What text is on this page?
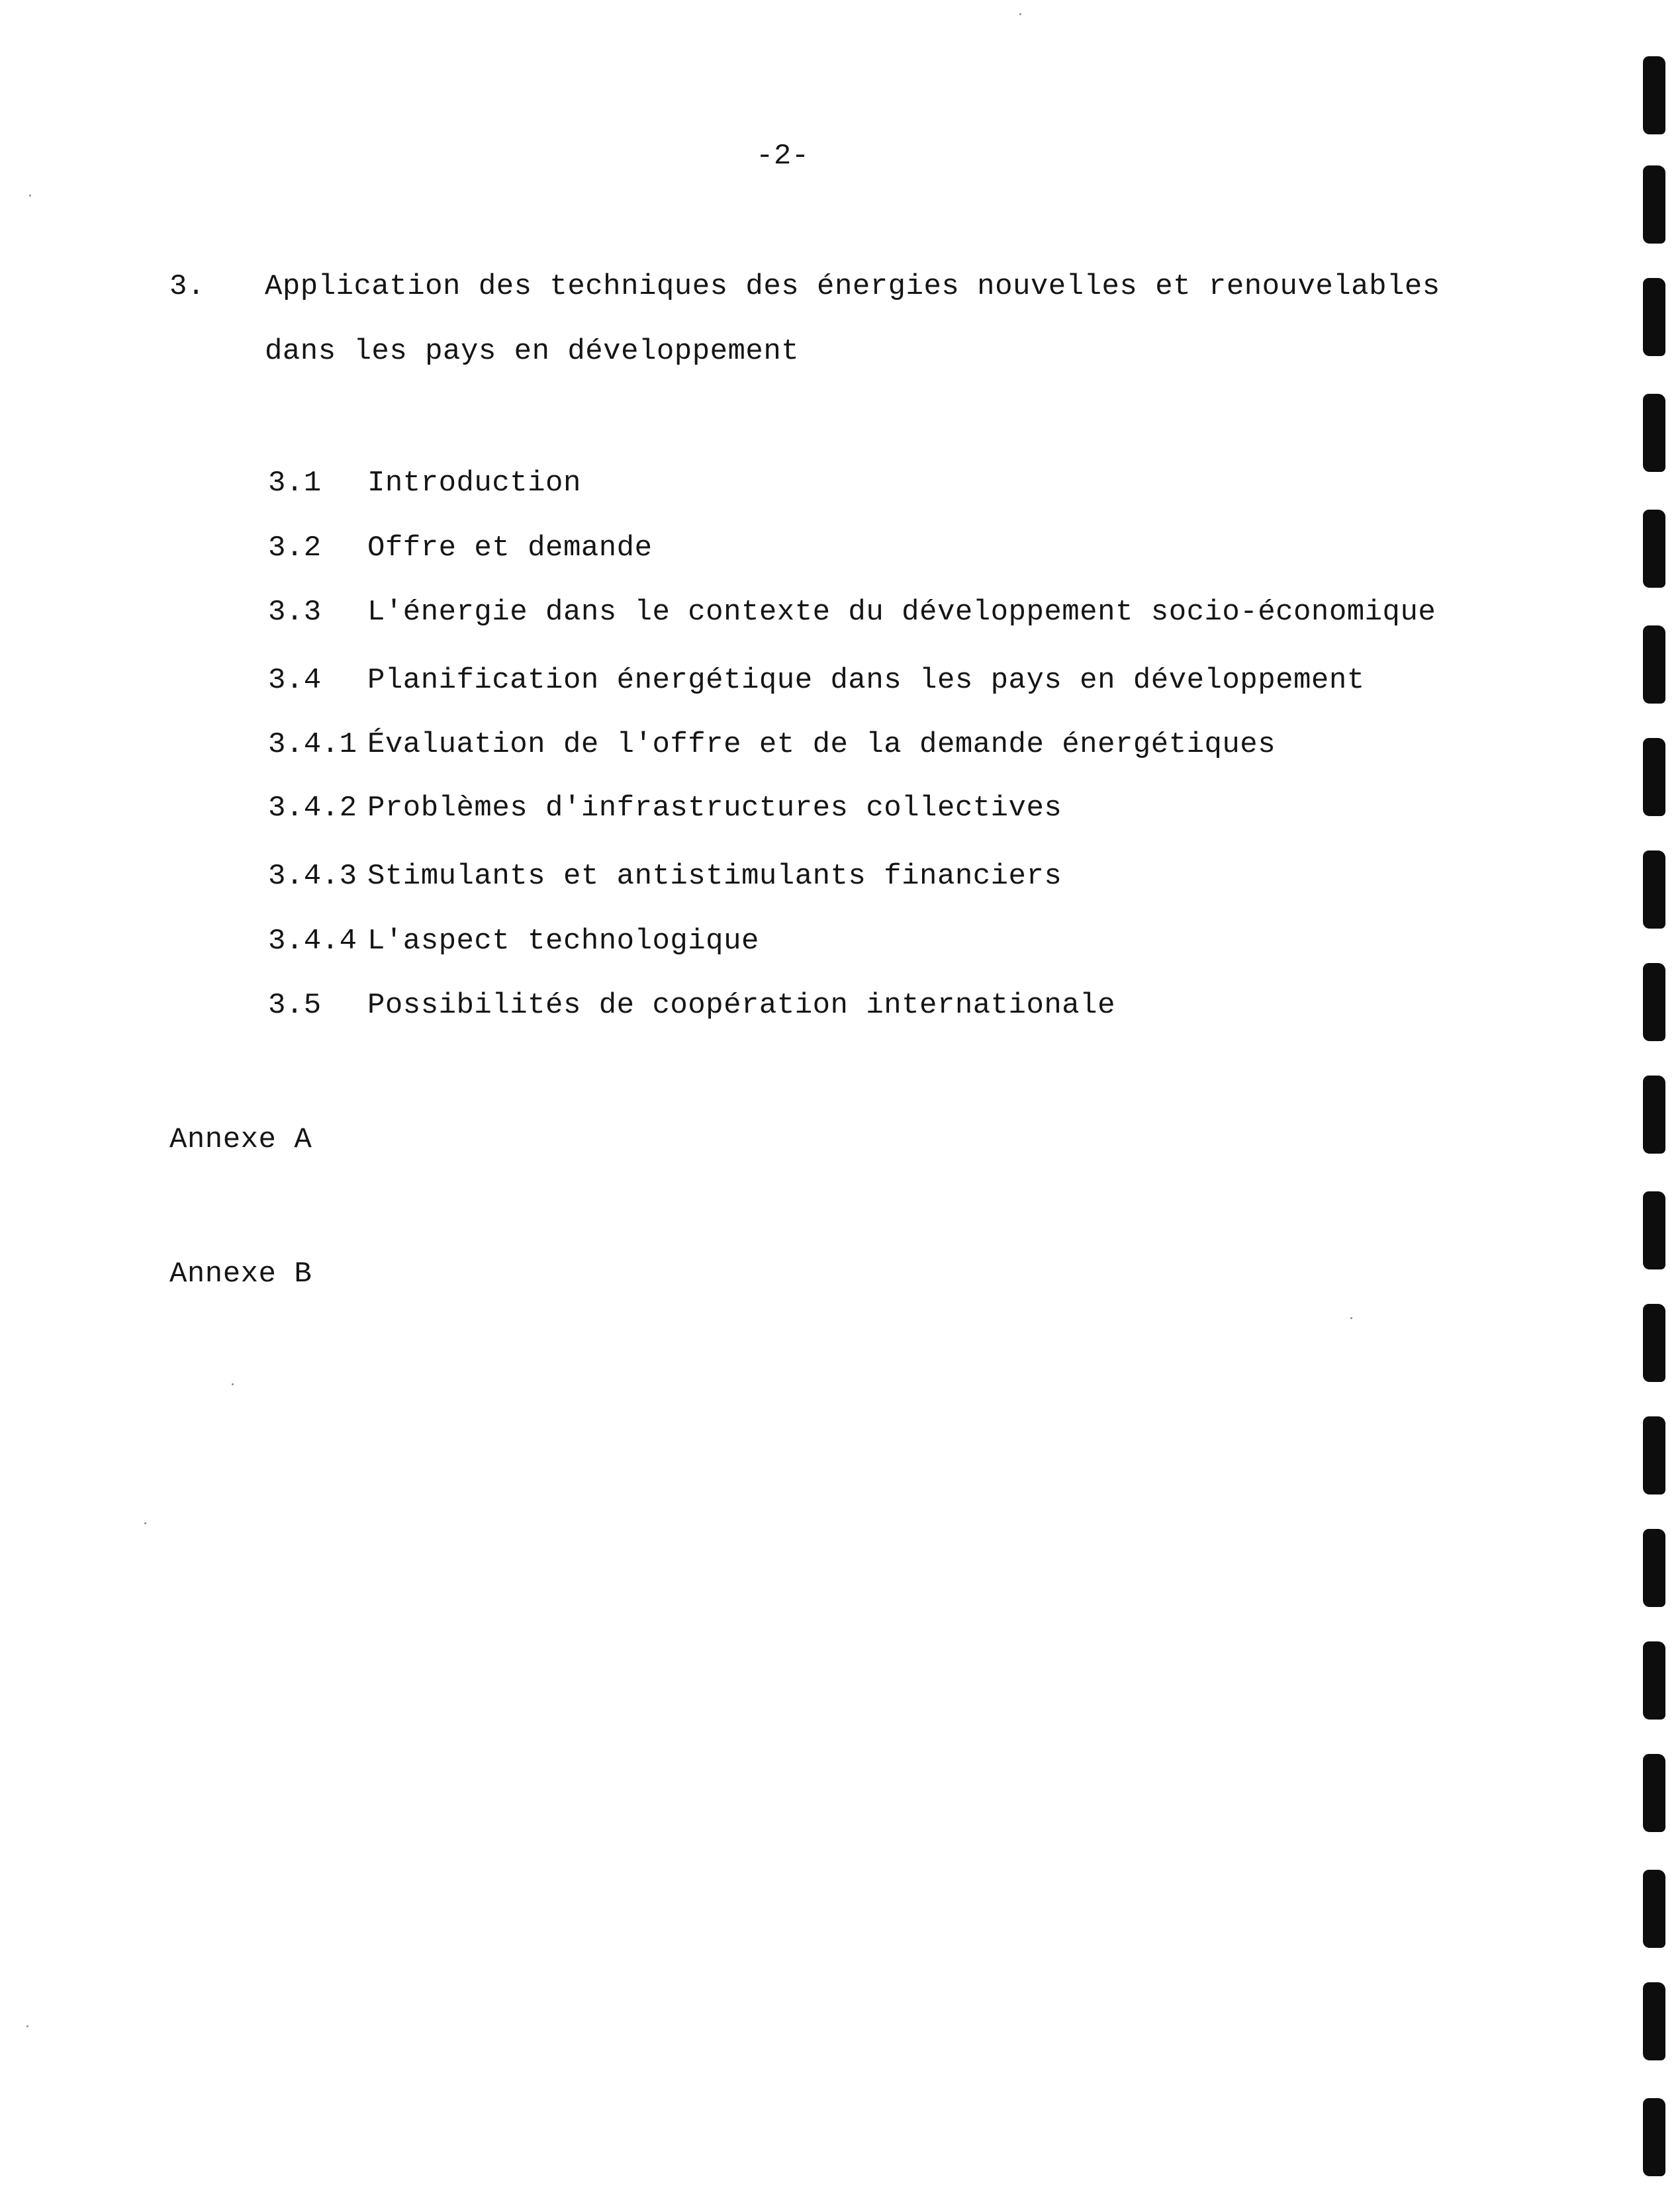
-2-
3. Application des techniques des énergies nouvelles et renouvelables
dans les pays en développement
3.1 Introduction
3.2 Offre et demande
3.3 L'énergie dans le contexte du développement socio-économique
3.4 Planification énergétique dans les pays en développement
3.4.1 Évaluation de l'offre et de la demande énergétiques
3.4.2 Problèmes d'infrastructures collectives
3.4.3 Stimulants et antistimulants financiers
3.4.4 L'aspect technologique
3.5 Possibilités de coopération internationale
Annexe A
Annexe B
